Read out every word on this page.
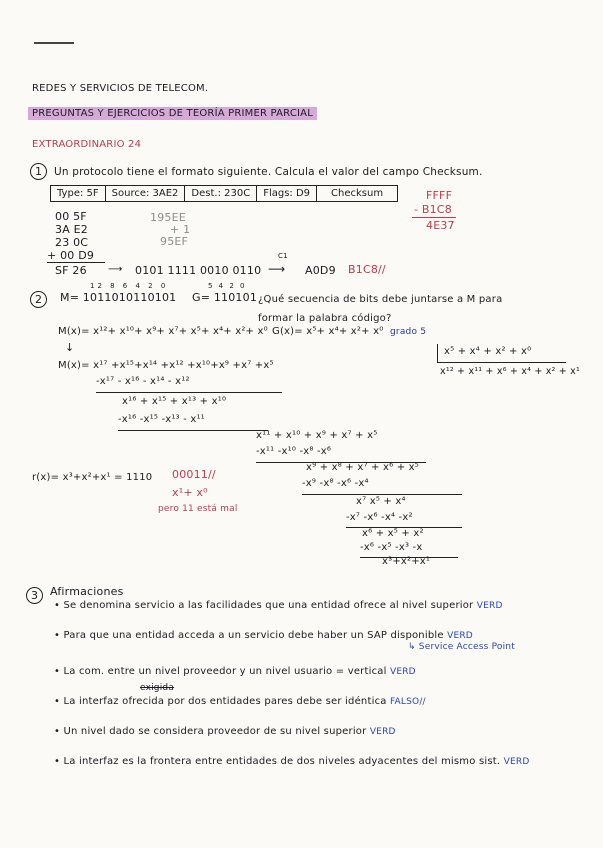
REDES Y SERVICIOS DE TELECOM.
PREGUNTAS Y EJERCICIOS DE TEORÍA PRIMER PARCIAL
EXTRAORDINARIO 24
1	Un protocolo tiene el formato siguiente. Calcula el valor del campo Checksum.
Type: 5F	Source: 3AE2	Dest.: 230C	Flags: D9	Checksum	FFFF
- B1C8
4E37
00 5F
3A E2
23 0C
+ 00 D9
SF 26
195EE
+ 1
95EF
⟶ 0101 1111 0010 0110
C1
⟶ A0D9 B1C8//
2
12 8 6 4 2 0
M= 1011010110101
5 4 2 0
G= 110101 ¿Qué secuencia de bits debe juntarse a M para formar la palabra código?
M(x)= x¹²+ x¹⁰+ x⁹+ x⁷+ x⁵+ x⁴+ x²+ x⁰ G(x)= x⁵+ x⁴+ x²+ x⁰ grado 5
↓
M(x)= x¹⁷ +x¹⁵+x¹⁴ +x¹² +x¹⁰+x⁹ +x⁷ +x⁵
x⁵ + x⁴ + x² + x⁰
x¹² + x¹¹ + x⁶ + x⁴ + x² + x¹
-x¹⁷ - x¹⁶ - x¹⁴ - x¹²
x¹⁶ + x¹⁵ + x¹³ + x¹⁰
-x¹⁶ -x¹⁵ -x¹³ - x¹¹
x¹¹ + x¹⁰ + x⁹ + x⁷ + x⁵
-x¹¹ -x¹⁰ -x⁸ -x⁶
x⁹ + x⁸ + x⁷ + x⁶ + x⁵
-x⁹ -x⁸ -x⁶ -x⁴
x⁷ x⁵ + x⁴
-x⁷ -x⁶ -x⁴ -x²
x⁶ + x⁵ + x²
-x⁶ -x⁵ -x³ -x
x³+x²+x¹
r(x)= x³+x²+x¹ = 1110 00011//
x¹+ x⁰
pero 11 está mal
3	Afirmaciones
• Se denomina servicio a las facilidades que una entidad ofrece al nivel superior VERD
• Para que una entidad acceda a un servicio debe haber un SAP disponible VERD
↳ Service Access Point
• La com. entre un nivel proveedor y un nivel usuario = vertical VERD
exigida
• La interfaz ofrecida por dos entidades pares debe ser idéntica FALSO//
• Un nivel dado se considera proveedor de su nivel superior VERD
• La interfaz es la frontera entre entidades de dos niveles adyacentes del mismo sist. VERD
